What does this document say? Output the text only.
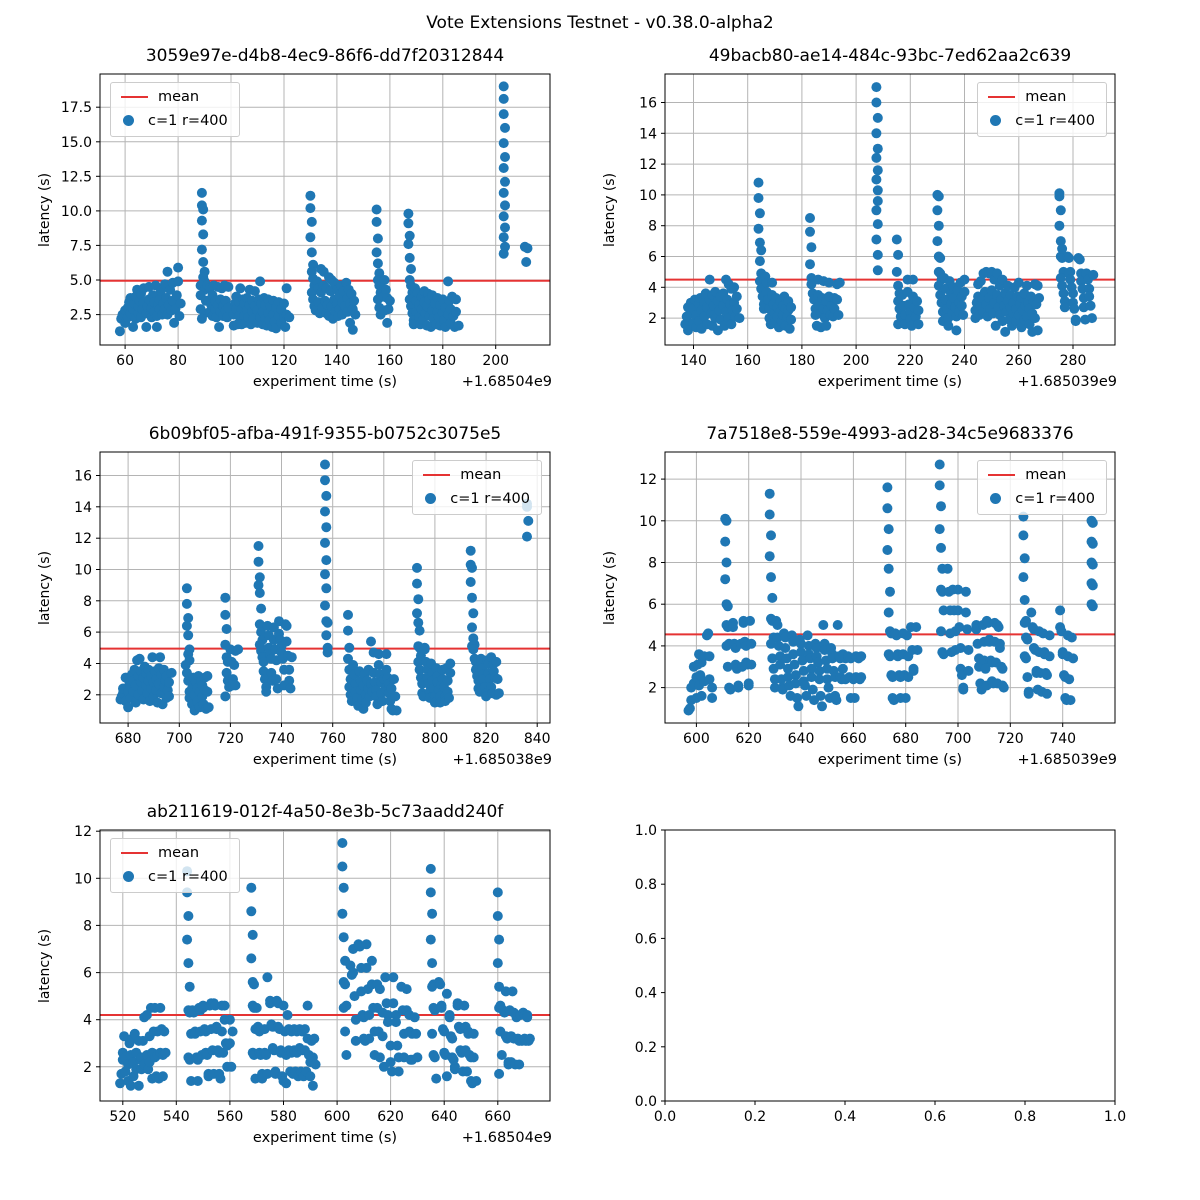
Vote Extensions Testnet - v0.38.0-alpha2
3059e97e-d4b8-4ec9-86f6-dd7f20312844
latency (s)
60	80 100 120 140 160 180 200
2.5
5.0
7.5
10.0
12.5
15.0
17.5
experiment time (s)	+1.68504e9
mean
c=1 r=400
49bacb80-ae14-484c-93bc-7ed62aa2c639
latency (s)
140 160 180 200 220 240 260 280
2
4
6
8
10
12
14
16
experiment time (s)	+1.685039e9
mean
c=1 r=400
6b09bf05-afba-491f-9355-b0752c3075e5
latency (s)
680 700 720 740 760 780 800 820 840
2
4
6
8
10
12
14
16
experiment time (s)	+1.685038e9
mean
c=1 r=400
7a7518e8-559e-4993-ad28-34c5e9683376
latency (s)
600 620 640 660 680 700 720 740
2
4
6
8
10
12
experiment time (s)	+1.685039e9
mean
c=1 r=400
ab211619-012f-4a50-8e3b-5c73aadd240f
latency (s)
520 540 560 580 600 620 640 660
2
4
6
8
10
12
experiment time (s)	+1.68504e9
mean
c=1 r=400
0.0	0.2	0.4	0.6	0.8	1.0
0.0
0.2
0.4
0.6
0.8
1.0
